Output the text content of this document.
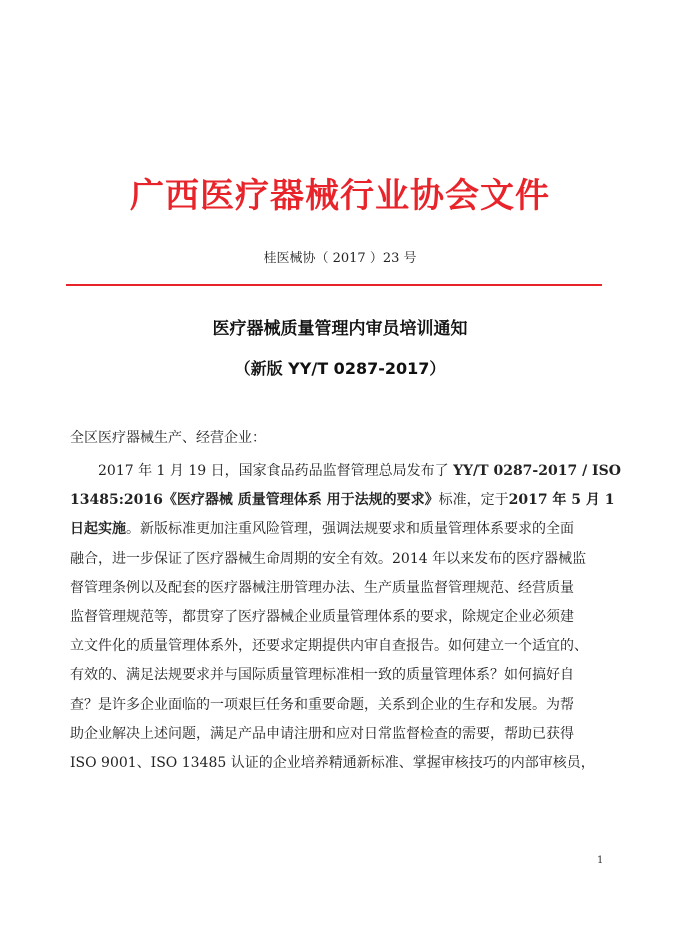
广西医疗器械行业协会文件
桂医械协（ 2017 ）23 号
医疗器械质量管理内审员培训通知
（新版 YY/T 0287-2017）
全区医疗器械生产、经营企业：
2017 年 1 月 19 日，国家食品药品监督管理总局发布了 YY/T 0287-2017 / ISO
13485:2016《医疗器械 质量管理体系 用于法规的要求》标准，定于2017 年 5 月 1
日起实施。新版标准更加注重风险管理，强调法规要求和质量管理体系要求的全面
融合，进一步保证了医疗器械生命周期的安全有效。2014 年以来发布的医疗器械监
督管理条例以及配套的医疗器械注册管理办法、生产质量监督管理规范、经营质量
监督管理规范等，都贯穿了医疗器械企业质量管理体系的要求，除规定企业必须建
立文件化的质量管理体系外，还要求定期提供内审自查报告。如何建立一个适宜的、
有效的、满足法规要求并与国际质量管理标准相一致的质量管理体系？如何搞好自
查？是许多企业面临的一项艰巨任务和重要命题，关系到企业的生存和发展。为帮
助企业解决上述问题，满足产品申请注册和应对日常监督检查的需要，帮助已获得
ISO 9001、ISO 13485 认证的企业培养精通新标准、掌握审核技巧的内部审核员，
1
